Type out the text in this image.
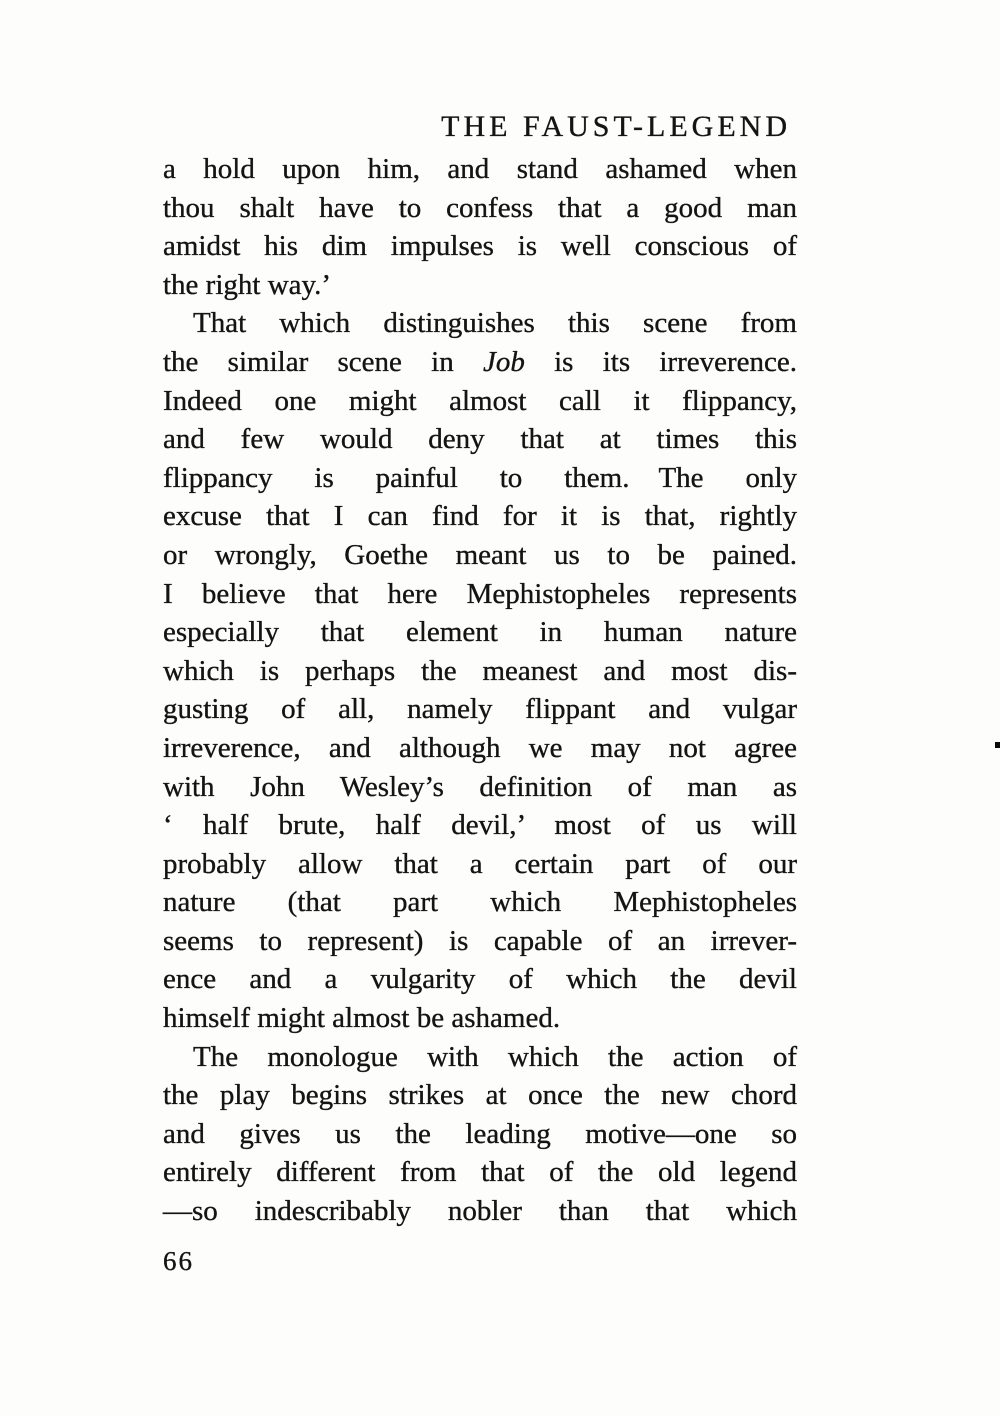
THE FAUST-LEGEND
a hold upon him, and stand ashamed when
thou shalt have to confess that a good man
amidst his dim impulses is well conscious of
the right way.’
That which distinguishes this scene from
the similar scene in Job is its irreverence.
Indeed one might almost call it flippancy,
and few would deny that at times this
flippancy is painful to them. The only
excuse that I can find for it is that, rightly
or wrongly, Goethe meant us to be pained.
I believe that here Mephistopheles represents
especially that element in human nature
which is perhaps the meanest and most dis-
gusting of all, namely flippant and vulgar
irreverence, and although we may not agree
with John Wesley’s definition of man as
‘ half brute, half devil,’ most of us will
probably allow that a certain part of our
nature (that part which Mephistopheles
seems to represent) is capable of an irrever-
ence and a vulgarity of which the devil
himself might almost be ashamed.
The monologue with which the action of
the play begins strikes at once the new chord
and gives us the leading motive—one so
entirely different from that of the old legend
—so indescribably nobler than that which
66
